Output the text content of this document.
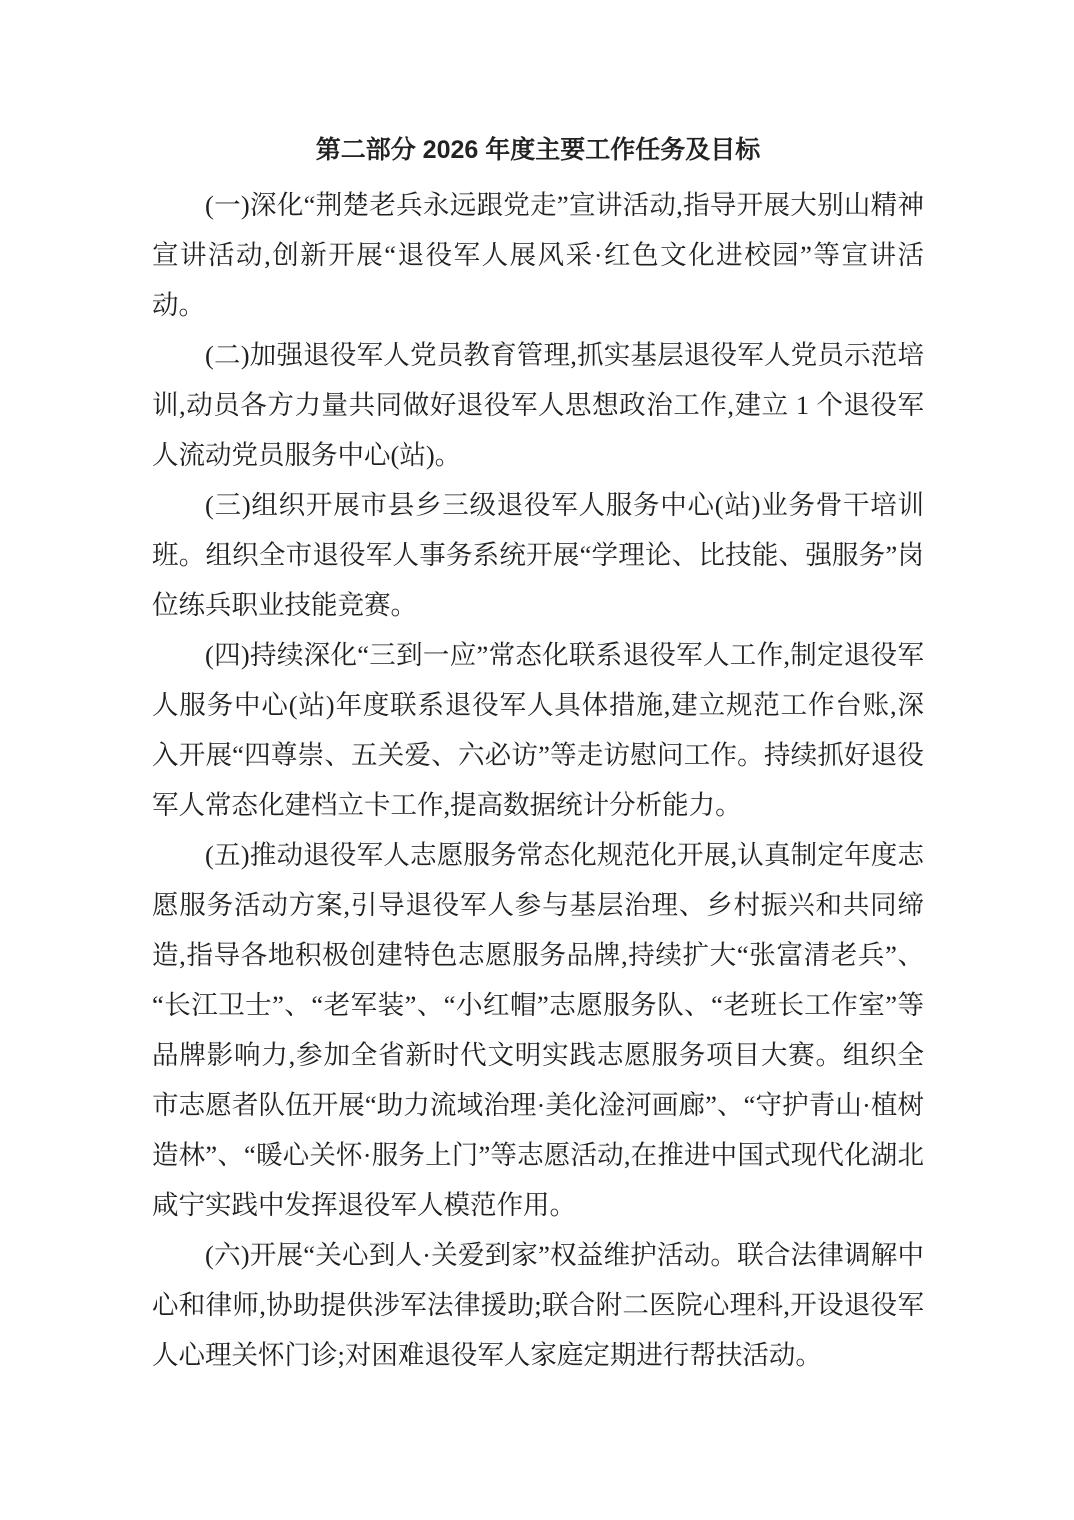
第二部分 2026 年度主要工作任务及目标

(一)深化“荆楚老兵永远跟党走”宣讲活动,指导开展大别山精神宣讲活动,创新开展“退役军人展风采·红色文化进校园”等宣讲活动。

(二)加强退役军人党员教育管理,抓实基层退役军人党员示范培训,动员各方力量共同做好退役军人思想政治工作,建立 1 个退役军人流动党员服务中心(站)。

(三)组织开展市县乡三级退役军人服务中心(站)业务骨干培训班。组织全市退役军人事务系统开展“学理论、比技能、强服务”岗位练兵职业技能竞赛。

(四)持续深化“三到一应”常态化联系退役军人工作,制定退役军人服务中心(站)年度联系退役军人具体措施,建立规范工作台账,深入开展“四尊崇、五关爱、六必访”等走访慰问工作。持续抓好退役军人常态化建档立卡工作,提高数据统计分析能力。

(五)推动退役军人志愿服务常态化规范化开展,认真制定年度志愿服务活动方案,引导退役军人参与基层治理、乡村振兴和共同缔造,指导各地积极创建特色志愿服务品牌,持续扩大“张富清老兵”、“长江卫士”、“老军装”、“小红帽”志愿服务队、“老班长工作室”等品牌影响力,参加全省新时代文明实践志愿服务项目大赛。组织全市志愿者队伍开展“助力流域治理·美化淦河画廊”、“守护青山·植树造林”、“暖心关怀·服务上门”等志愿活动,在推进中国式现代化湖北咸宁实践中发挥退役军人模范作用。

(六)开展“关心到人·关爱到家”权益维护活动。联合法律调解中心和律师,协助提供涉军法律援助;联合附二医院心理科,开设退役军人心理关怀门诊;对困难退役军人家庭定期进行帮扶活动。
